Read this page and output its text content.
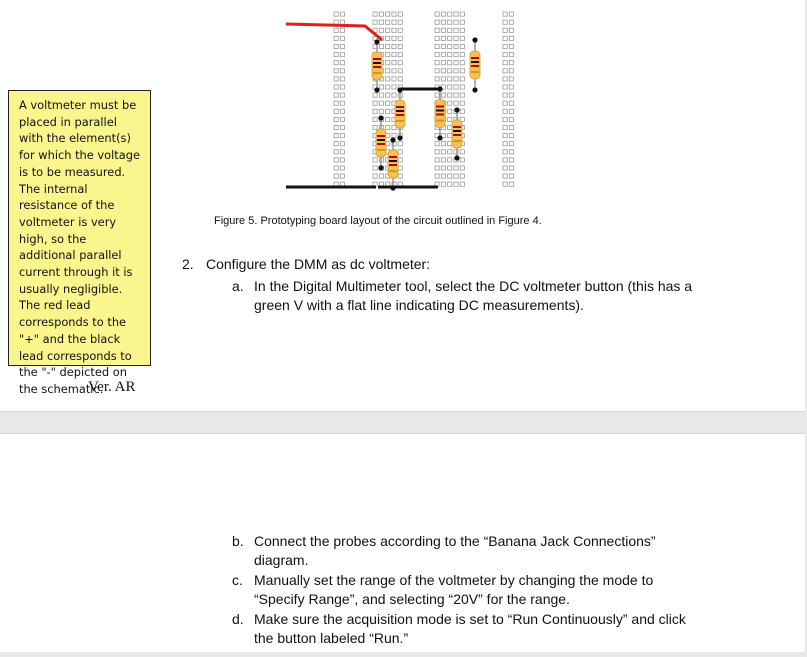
A voltmeter must be placed in parallel with the element(s) for which the voltage is to be measured. The internal resistance of the voltmeter is very high, so the additional parallel current through it is usually negligible. The red lead corresponds to the "+" and the black lead corresponds to the "-" depicted on the schematic.
Ver. AR
Figure 5. Prototyping board layout of the circuit outlined in Figure 4.
2. Configure the DMM as dc voltmeter:
a. In the Digital Multimeter tool, select the DC voltmeter button (this has a green V with a flat line indicating DC measurements).
b. Connect the probes according to the “Banana Jack Connections” diagram.
c. Manually set the range of the voltmeter by changing the mode to “Specify Range”, and selecting “20V” for the range.
d. Make sure the acquisition mode is set to “Run Continuously” and click the button labeled “Run.”
